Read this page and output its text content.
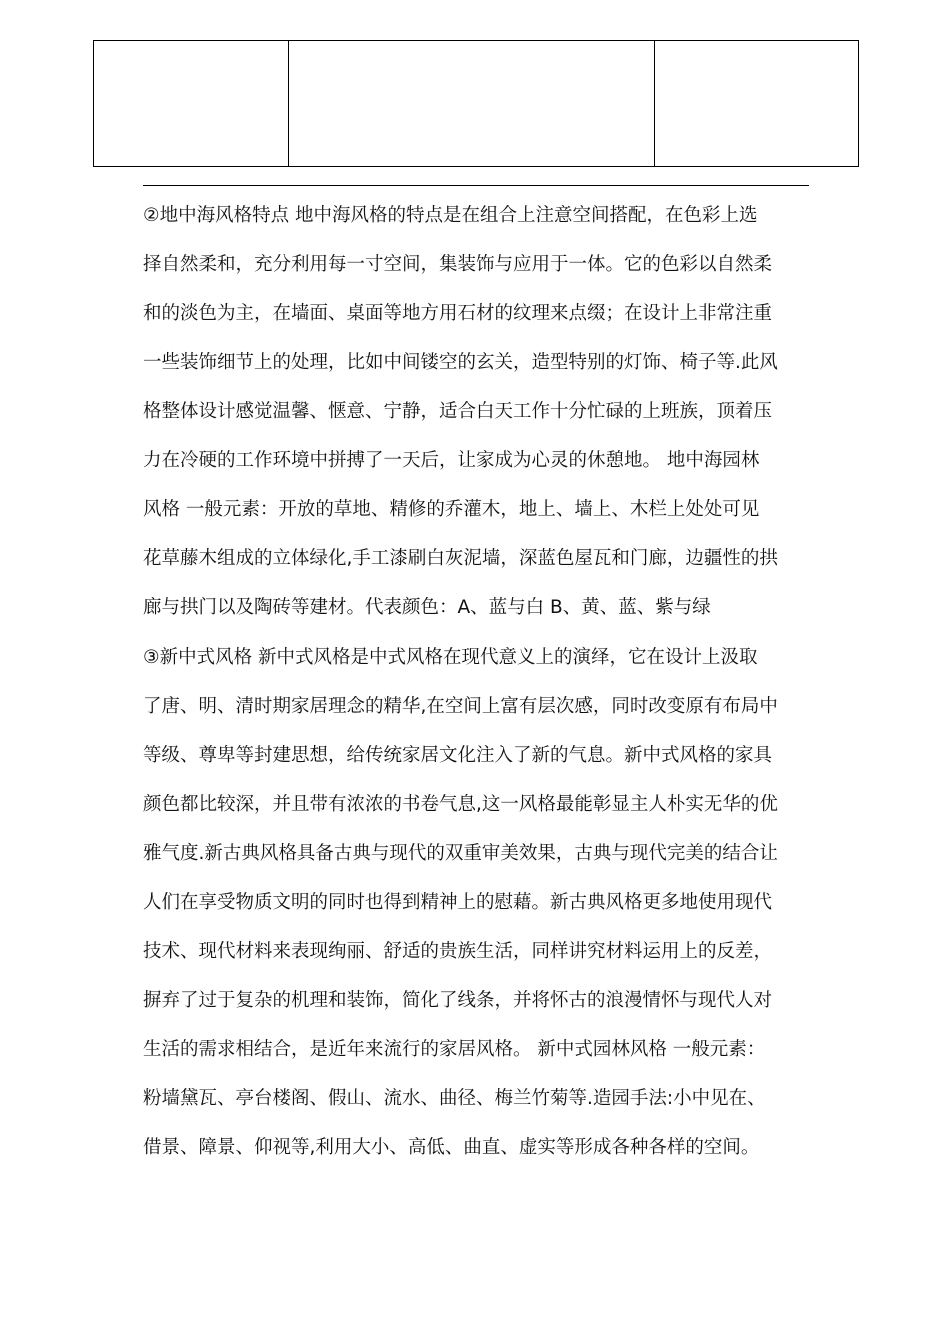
②地中海风格特点 地中海风格的特点是在组合上注意空间搭配，在色彩上选
择自然柔和，充分利用每一寸空间，集装饰与应用于一体。它的色彩以自然柔
和的淡色为主，在墙面、桌面等地方用石材的纹理来点缀；在设计上非常注重
一些装饰细节上的处理，比如中间镂空的玄关，造型特别的灯饰、椅子等.此风
格整体设计感觉温馨、惬意、宁静，适合白天工作十分忙碌的上班族，顶着压
力在冷硬的工作环境中拼搏了一天后，让家成为心灵的休憩地。 地中海园林
风格 一般元素：开放的草地、精修的乔灌木，地上、墙上、木栏上处处可见
花草藤木组成的立体绿化,手工漆刷白灰泥墙，深蓝色屋瓦和门廊，边疆性的拱
廊与拱门以及陶砖等建材。代表颜色：A、蓝与白 B、黄、蓝、紫与绿
③新中式风格 新中式风格是中式风格在现代意义上的演绎，它在设计上汲取
了唐、明、清时期家居理念的精华,在空间上富有层次感，同时改变原有布局中
等级、尊卑等封建思想，给传统家居文化注入了新的气息。新中式风格的家具
颜色都比较深，并且带有浓浓的书卷气息,这一风格最能彰显主人朴实无华的优
雅气度.新古典风格具备古典与现代的双重审美效果，古典与现代完美的结合让
人们在享受物质文明的同时也得到精神上的慰藉。新古典风格更多地使用现代
技术、现代材料来表现绚丽、舒适的贵族生活，同样讲究材料运用上的反差，
摒弃了过于复杂的机理和装饰，简化了线条，并将怀古的浪漫情怀与现代人对
生活的需求相结合，是近年来流行的家居风格。 新中式园林风格 一般元素：
粉墙黛瓦、亭台楼阁、假山、流水、曲径、梅兰竹菊等.造园手法:小中见在、
借景、障景、仰视等,利用大小、高低、曲直、虚实等形成各种各样的空间。
